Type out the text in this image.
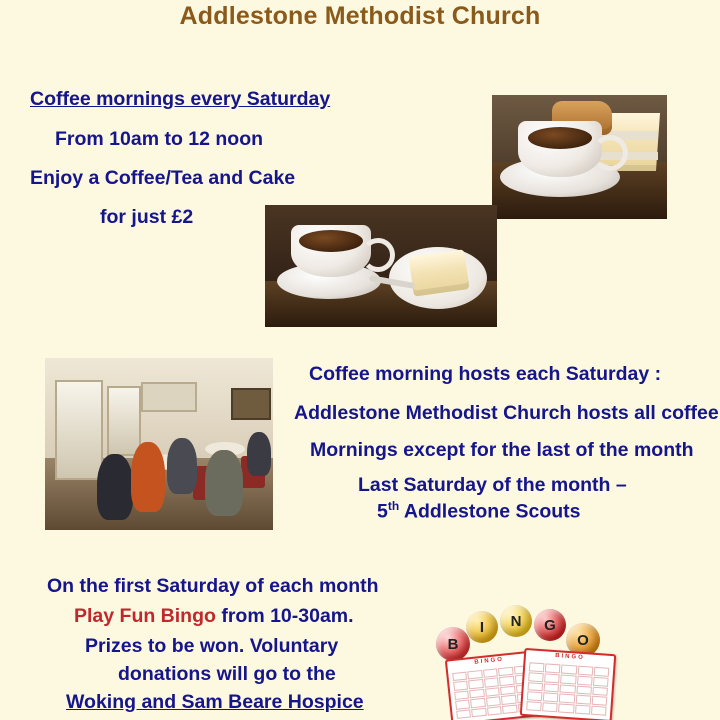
Addlestone Methodist Church
Coffee mornings every Saturday
From 10am to 12 noon
Enjoy a Coffee/Tea and Cake
for just £2
Coffee morning hosts each Saturday :
Addlestone Methodist Church hosts all coffee
Mornings except for the last of the month
Last Saturday of the month –
5th Addlestone Scouts
On the first Saturday of each month
Play Fun Bingo from 10-30am.
Prizes to be won. Voluntary
donations will go to the
Woking and Sam Beare Hospice
B
I	N	G
O
BINGO	BINGO
